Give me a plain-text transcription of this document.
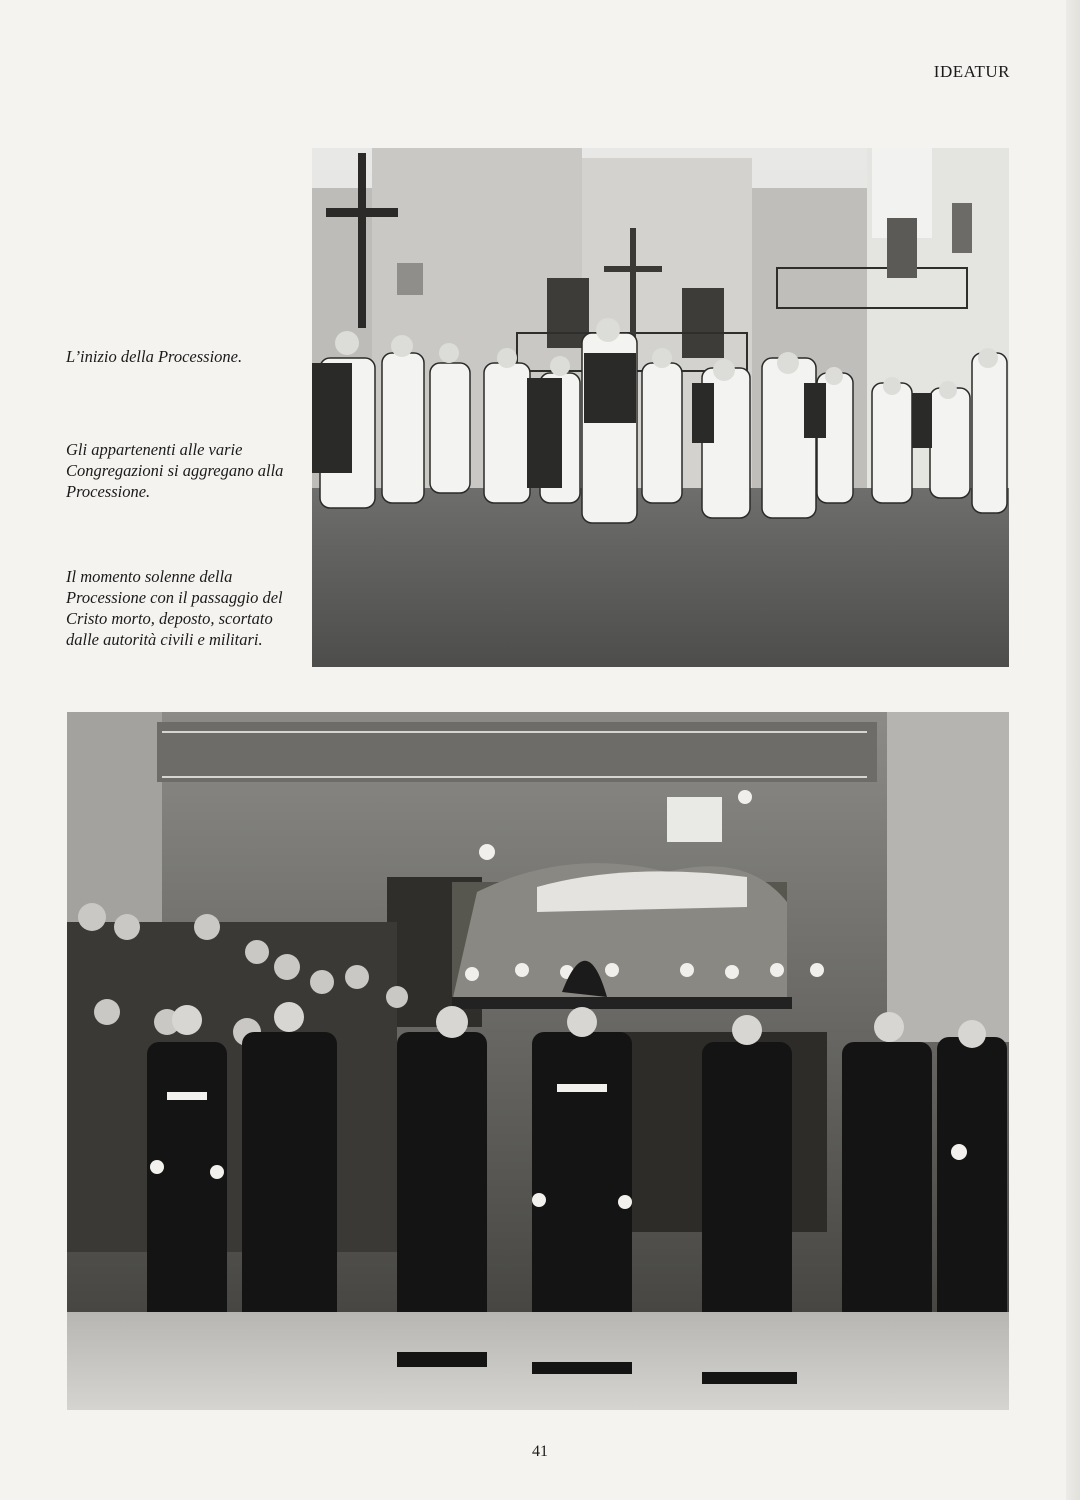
IDEATUR

L’inizio della Processione.

Gli appartenenti alle varie Congregazioni si aggregano alla Processione.

Il momento solenne della Processione con il passaggio del Cristo morto, deposto, scortato dalle autorità civili e militari.

41
